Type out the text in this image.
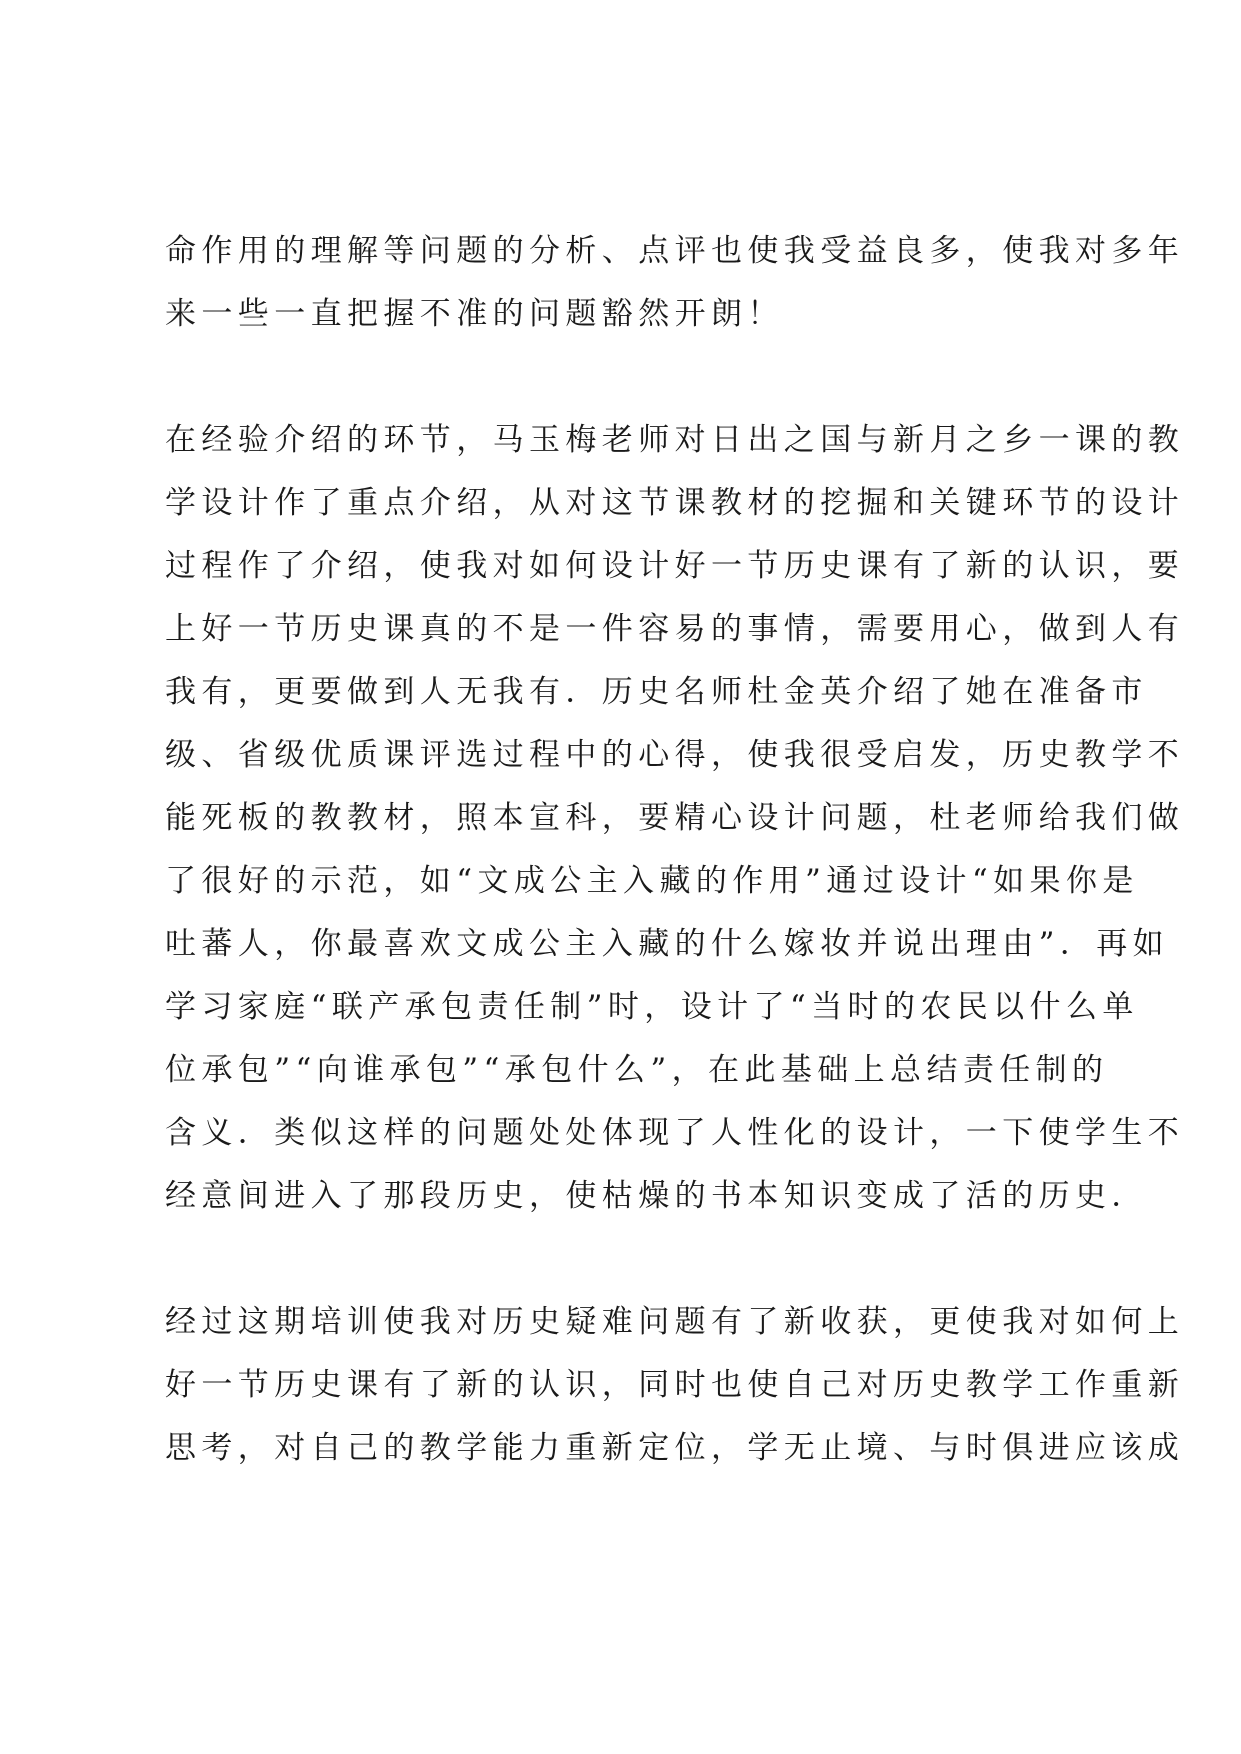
命作用的理解等问题的分析、点评也使我受益良多，使我对多年
来一些一直把握不准的问题豁然开朗！

在经验介绍的环节，马玉梅老师对日出之国与新月之乡一课的教
学设计作了重点介绍，从对这节课教材的挖掘和关键环节的设计
过程作了介绍，使我对如何设计好一节历史课有了新的认识，要
上好一节历史课真的不是一件容易的事情，需要用心，做到人有
我有，更要做到人无我有．历史名师杜金英介绍了她在准备市
级、省级优质课评选过程中的心得，使我很受启发，历史教学不
能死板的教教材，照本宣科，要精心设计问题，杜老师给我们做
了很好的示范，如“文成公主入藏的作用”通过设计“如果你是
吐蕃人，你最喜欢文成公主入藏的什么嫁妆并说出理由”．再如
学习家庭“联产承包责任制”时，设计了“当时的农民以什么单
位承包”“向谁承包”“承包什么”，在此基础上总结责任制的
含义．类似这样的问题处处体现了人性化的设计，一下使学生不
经意间进入了那段历史，使枯燥的书本知识变成了活的历史．

经过这期培训使我对历史疑难问题有了新收获，更使我对如何上
好一节历史课有了新的认识，同时也使自己对历史教学工作重新
思考，对自己的教学能力重新定位，学无止境、与时俱进应该成
